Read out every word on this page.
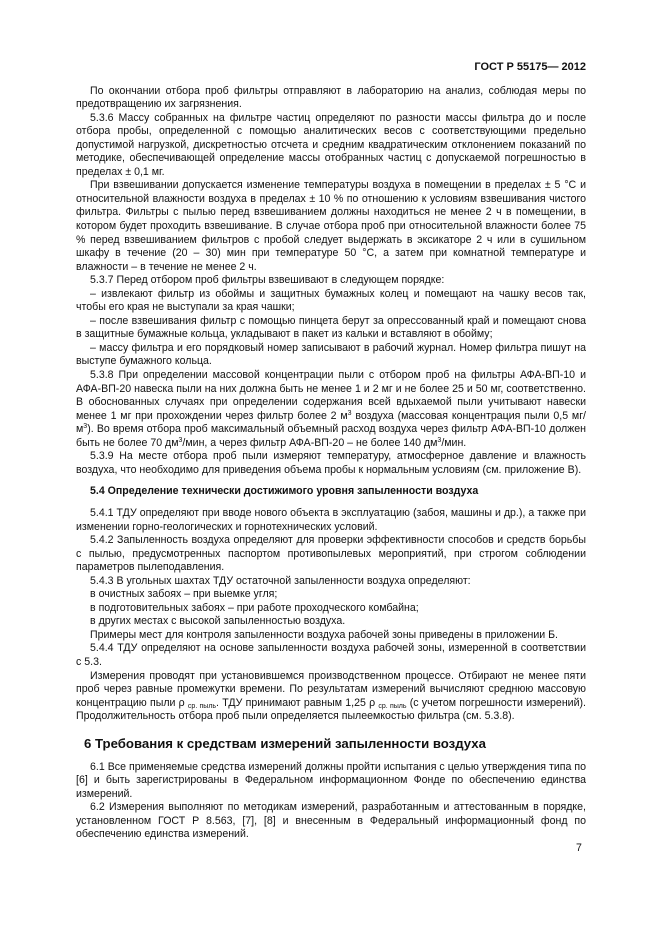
ГОСТ Р 55175— 2012

По окончании отбора проб фильтры отправляют в лабораторию на анализ, соблюдая меры по предотвращению их загрязнения.

5.3.6 Массу собранных на фильтре частиц определяют по разности массы фильтра до и после отбора пробы, определенной с помощью аналитических весов с соответствующими предельно допустимой нагрузкой, дискретностью отсчета и средним квадратическим отклонением показаний по методике, обеспечивающей определение массы отобранных частиц с допускаемой погрешностью в пределах ± 0,1 мг.

При взвешивании допускается изменение температуры воздуха в помещении в пределах ± 5 °С и относительной влажности воздуха в пределах ± 10 % по отношению к условиям взвешивания чистого фильтра. Фильтры с пылью перед взвешиванием должны находиться не менее 2 ч в помещении, в котором будет проходить взвешивание. В случае отбора проб при относительной влажности более 75 % перед взвешиванием фильтров с пробой следует выдержать в эксикаторе 2 ч или в сушильном шкафу в течение (20 – 30) мин при температуре 50 °С, а затем при комнатной температуре и влажности – в течение не менее 2 ч.

5.3.7 Перед отбором проб фильтры взвешивают в следующем порядке:

– извлекают фильтр из обоймы и защитных бумажных колец и помещают на чашку весов так, чтобы его края не выступали за края чашки;

– после взвешивания фильтр с помощью пинцета берут за опрессованный край и помещают снова в защитные бумажные кольца, укладывают в пакет из кальки и вставляют в обойму;

– массу фильтра и его порядковый номер записывают в рабочий журнал. Номер фильтра пишут на выступе бумажного кольца.

5.3.8 При определении массовой концентрации пыли с отбором проб на фильтры АФА-ВП-10 и АФА-ВП-20 навеска пыли на них должна быть не менее 1 и 2 мг и не более 25 и 50 мг, соответственно. В обоснованных случаях при определении содержания всей вдыхаемой пыли учитывают навески менее 1 мг при прохождении через фильтр более 2 $м^3$ воздуха (массовая концентрация пыли 0,5 $мг/м^3$). Во время отбора проб максимальный объемный расход воздуха через фильтр АФА-ВП-10 должен быть не более 70 $дм^3$/мин, а через фильтр АФА-ВП-20 – не более 140 $дм^3$/мин.

5.3.9 На месте отбора проб пыли измеряют температуру, атмосферное давление и влажность воздуха, что необходимо для приведения объема пробы к нормальным условиям (см. приложение В).

5.4 Определение технически достижимого уровня запыленности воздуха

5.4.1 ТДУ определяют при вводе нового объекта в эксплуатацию (забоя, машины и др.), а также при изменении горно-геологических и горнотехнических условий.

5.4.2 Запыленность воздуха определяют для проверки эффективности способов и средств борьбы с пылью, предусмотренных паспортом противопылевых мероприятий, при строгом соблюдении параметров пылеподавления.

5.4.3 В угольных шахтах ТДУ остаточной запыленности воздуха определяют:

в очистных забоях – при выемке угля;

в подготовительных забоях – при работе проходческого комбайна;

в других местах с высокой запыленностью воздуха.

Примеры мест для контроля запыленности воздуха рабочей зоны приведены в приложении Б.

5.4.4 ТДУ определяют на основе запыленности воздуха рабочей зоны, измеренной в соответствии с 5.3.

Измерения проводят при установившемся производственном процессе. Отбирают не менее пяти проб через равные промежутки времени. По результатам измерений вычисляют среднюю массовую концентрацию пыли ρ $_{ср. пыль}$. ТДУ принимают равным 1,25 ρ $_{ср. пыль}$ (с учетом погрешности измерений). Продолжительность отбора проб пыли определяется пылеемкостью фильтра (см. 5.3.8).

6 Требования к средствам измерений запыленности воздуха

6.1 Все применяемые средства измерений должны пройти испытания с целью утверждения типа по [6] и быть зарегистрированы в Федеральном информационном Фонде по обеспечению единства измерений.

6.2 Измерения выполняют по методикам измерений, разработанным и аттестованным в порядке, установленном ГОСТ Р 8.563, [7], [8] и внесенным в Федеральный информационный фонд по обеспечению единства измерений.

7
